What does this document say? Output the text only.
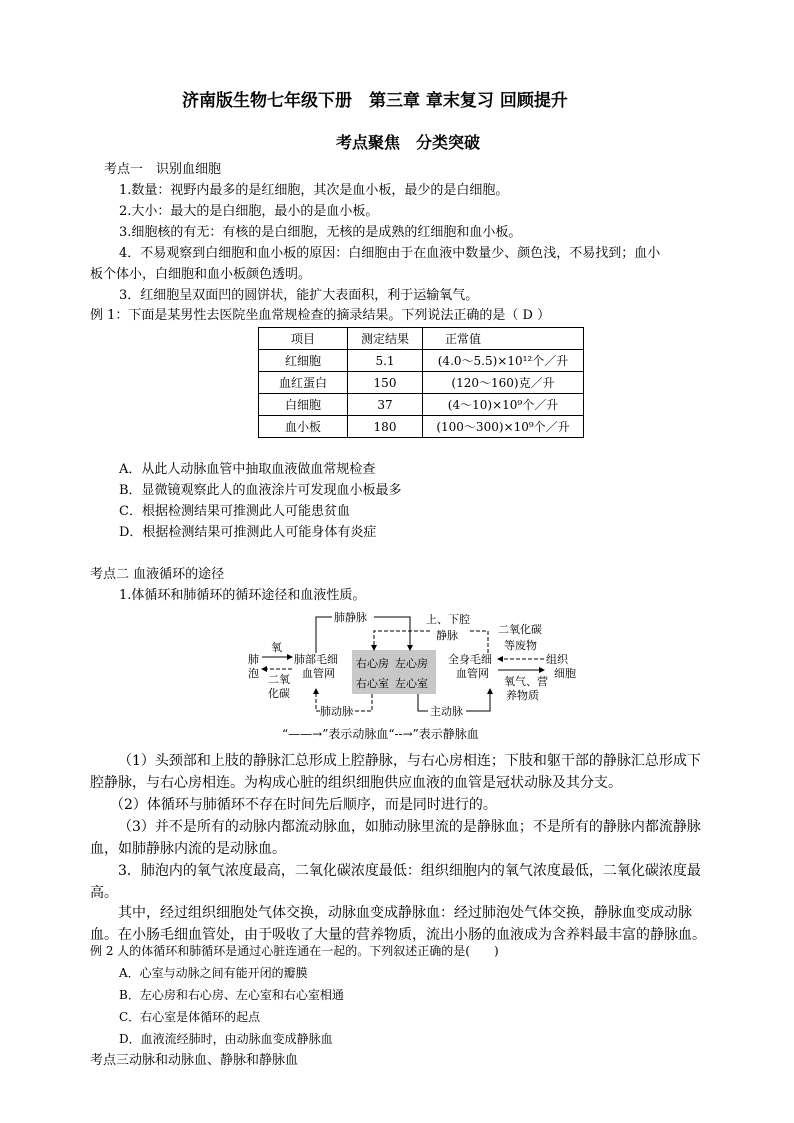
济南版生物七年级下册　第三章 章末复习 回顾提升
考点聚焦　分类突破
考点一　识别血细胞
1.数量：视野内最多的是红细胞，其次是血小板，最少的是白细胞。
2.大小：最大的是白细胞，最小的是血小板。
3.细胞核的有无：有核的是白细胞，无核的是成熟的红细胞和血小板。
4．不易观察到白细胞和血小板的原因：白细胞由于在血液中数量少、颜色浅，不易找到；血小
板个体小，白细胞和血小板颜色透明。
3．红细胞呈双面凹的圆饼状，能扩大表面积，利于运输氧气。
例 1：下面是某男性去医院坐血常规检查的摘录结果。下列说法正确的是（ D ）
项目	测定结果	正常值
红细胞	5.1	(4.0～5.5)×10¹²个／升
血红蛋白	150	(120～160)克／升
白细胞	37	(4～10)×10⁹个／升
血小板	180	(100～300)×10⁹个／升
A．从此人动脉血管中抽取血液做血常规检查
B．显微镜观察此人的血液涂片可发现血小板最多
C．根据检测结果可推测此人可能患贫血
D．根据检测结果可推测此人可能身体有炎症
考点二 血液循环的途径
1.体循环和肺循环的循环途径和血液性质。
右心房 左心房
右心室 左心室
肺
泡
氧
二 氧
化 碳
肺部毛细
血管网
肺静脉
肺动脉
上、下腔
静脉
主动脉
全身毛细
血管网
二氧化碳
等废物
组织
细胞
氧气、营
养物质
“——→”表示动脉血“--→”表示静脉血
（1）头颈部和上肢的静脉汇总形成上腔静脉，与右心房相连；下肢和躯干部的静脉汇总形成下腔静脉，与右心房相连。为构成心脏的组织细胞供应血液的血管是冠状动脉及其分支。
（2）体循环与肺循环不存在时间先后顺序，而是同时进行的。
（3）并不是所有的动脉内都流动脉血，如肺动脉里流的是静脉血；不是所有的静脉内都流静脉血，如肺静脉内流的是动脉血。
3．肺泡内的氧气浓度最高，二氧化碳浓度最低：组织细胞内的氧气浓度最低，二氧化碳浓度最高。
其中，经过组织细胞处气体交换，动脉血变成静脉血：经过肺泡处气体交换，静脉血变成动脉血。在小肠毛细血管处，由于吸收了大量的营养物质，流出小肠的血液成为含养料最丰富的静脉血。
例 2 人的体循环和肺循环是通过心脏连通在一起的。下列叙述正确的是(　　)
A．心室与动脉之间有能开闭的瓣膜
B．左心房和右心房、左心室和右心室相通
C．右心室是体循环的起点
D．血液流经肺时，由动脉血变成静脉血
考点三动脉和动脉血、静脉和静脉血
